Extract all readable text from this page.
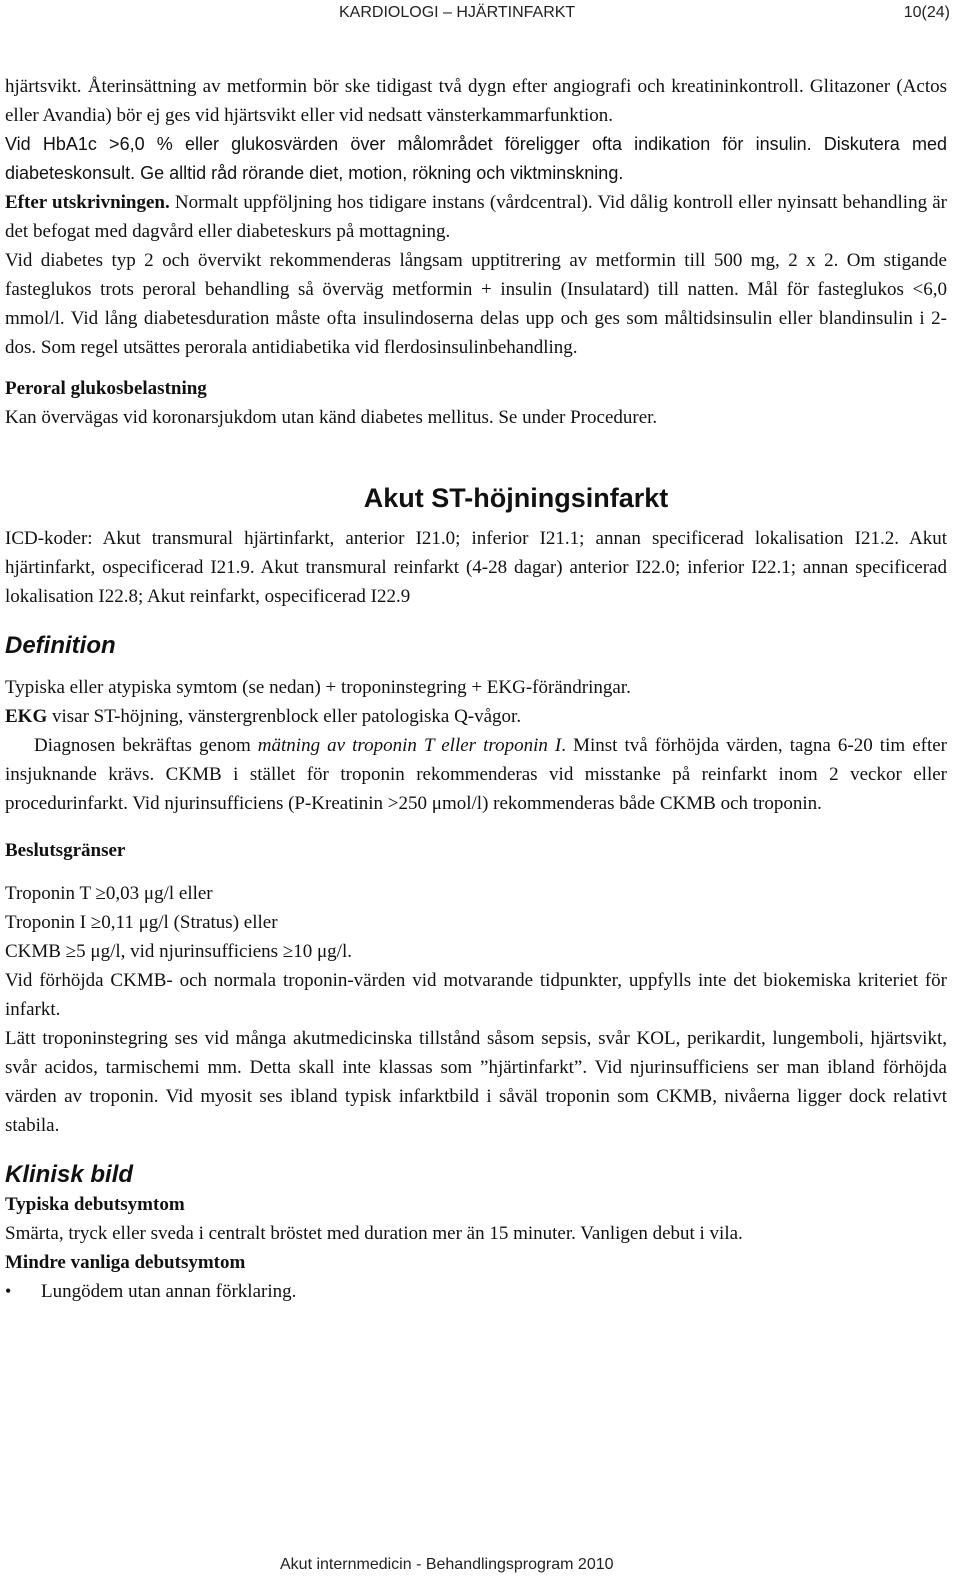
KARDIOLOGI – HJÄRTINFARKT	10(24)

hjärtsvikt. Återinsättning av metformin bör ske tidigast två dygn efter angiografi och kreatininkontroll. Glitazoner (Actos eller Avandia) bör ej ges vid hjärtsvikt eller vid nedsatt vänsterkammarfunktion.

Vid HbA1c >6,0 % eller glukosvärden över målområdet föreligger ofta indikation för insulin. Diskutera med diabeteskonsult. Ge alltid råd rörande diet, motion, rökning och viktminskning.

Efter utskrivningen. Normalt uppföljning hos tidigare instans (vårdcentral). Vid dålig kontroll eller nyinsatt behandling är det befogat med dagvård eller diabeteskurs på mottagning.

Vid diabetes typ 2 och övervikt rekommenderas långsam upptitrering av metformin till 500 mg, 2 x 2. Om stigande fasteglukos trots peroral behandling så överväg metformin + insulin (Insulatard) till natten. Mål för fasteglukos <6,0 mmol/l. Vid lång diabetesduration måste ofta insulindoserna delas upp och ges som måltidsinsulin eller blandinsulin i 2-dos. Som regel utsättes perorala antidiabetika vid flerdosinsulinbehandling.

Peroral glukosbelastning

Kan övervägas vid koronarsjukdom utan känd diabetes mellitus. Se under Procedurer.

Akut ST-höjningsinfarkt

ICD-koder: Akut transmural hjärtinfarkt, anterior I21.0; inferior I21.1; annan specificerad lokalisation I21.2. Akut hjärtinfarkt, ospecificerad I21.9. Akut transmural reinfarkt (4-28 dagar) anterior I22.0; inferior I22.1; annan specificerad lokalisation I22.8; Akut reinfarkt, ospecificerad I22.9

Definition

Typiska eller atypiska symtom (se nedan) + troponinstegring + EKG-förändringar.

EKG visar ST-höjning, vänstergrenblock eller patologiska Q-vågor.

Diagnosen bekräftas genom mätning av troponin T eller troponin I. Minst två förhöjda värden, tagna 6-20 tim efter insjuknande krävs. CKMB i stället för troponin rekommenderas vid misstanke på reinfarkt inom 2 veckor eller procedurinfarkt. Vid njurinsufficiens (P-Kreatinin >250 μmol/l) rekommenderas både CKMB och troponin.

Beslutsgränser

Troponin T ≥0,03 μg/l eller

Troponin I ≥0,11 μg/l (Stratus) eller

CKMB ≥5 μg/l, vid njurinsufficiens ≥10 μg/l.

Vid förhöjda CKMB- och normala troponin-värden vid motvarande tidpunkter, uppfylls inte det biokemiska kriteriet för infarkt.

Lätt troponinstegring ses vid många akutmedicinska tillstånd såsom sepsis, svår KOL, perikardit, lungemboli, hjärtsvikt, svår acidos, tarmischemi mm. Detta skall inte klassas som ”hjärtinfarkt”. Vid njurinsufficiens ser man ibland förhöjda värden av troponin. Vid myosit ses ibland typisk infarktbild i såväl troponin som CKMB, nivåerna ligger dock relativt stabila.

Klinisk bild

Typiska debutsymtom

Smärta, tryck eller sveda i centralt bröstet med duration mer än 15 minuter. Vanligen debut i vila.

Mindre vanliga debutsymtom

•	Lungödem utan annan förklaring.
Akut internmedicin - Behandlingsprogram 2010
